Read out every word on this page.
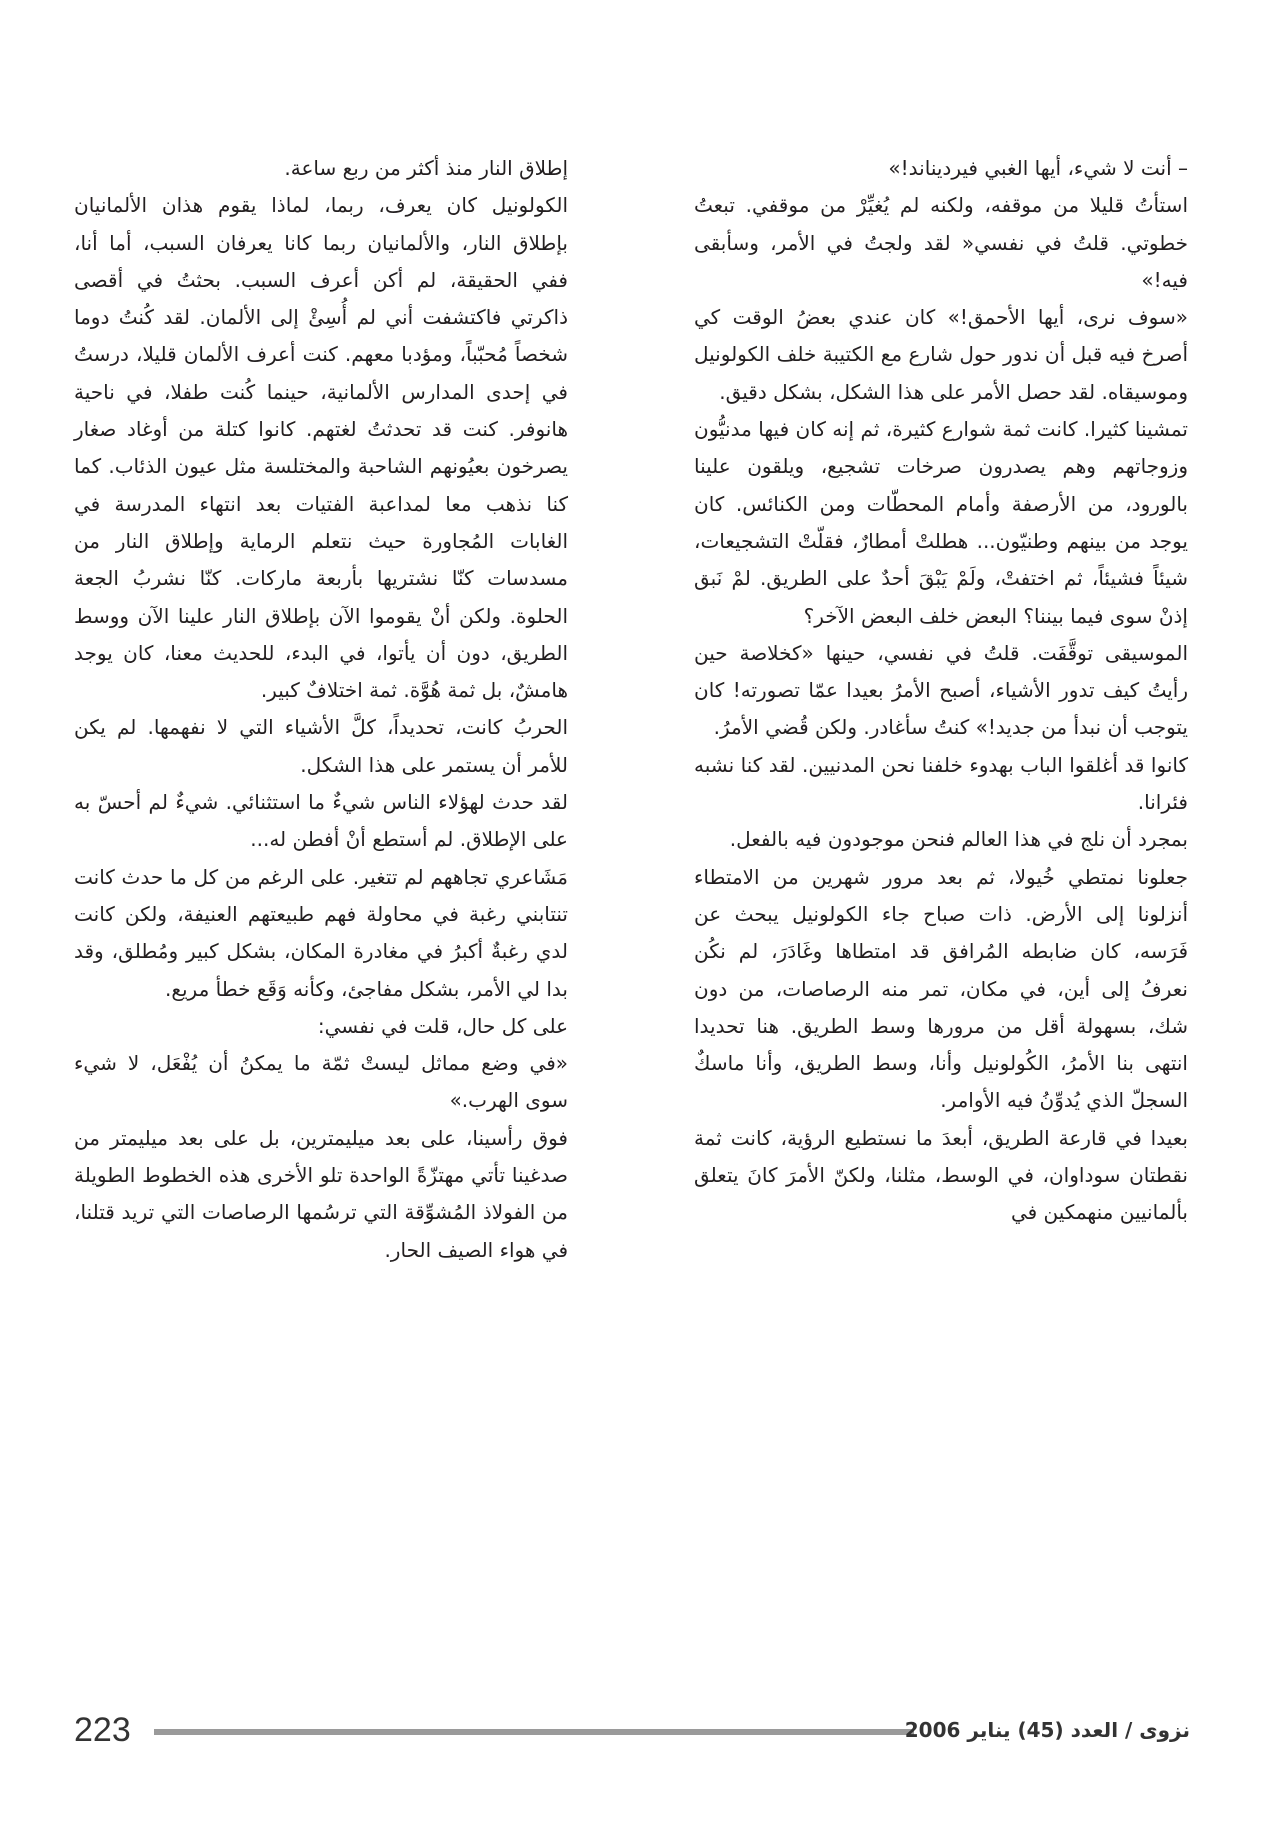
– أنت لا شيء، أيها الغبي فيرديناند!»

استأتُ قليلا من موقفه، ولكنه لم يُغيِّرْ من موقفي. تبعتُ خطوتي. قلتُ في نفسي« لقد ولجتُ في الأمر، وسأبقى فيه!»

«سوف نرى، أيها الأحمق!» كان عندي بعضُ الوقت كي أصرخ فيه قبل أن ندور حول شارع مع الكتيبة خلف الكولونيل وموسيقاه. لقد حصل الأمر على هذا الشكل، بشكل دقيق.

تمشينا كثيرا. كانت ثمة شوارع كثيرة، ثم إنه كان فيها مدنيُّون وزوجاتهم وهم يصدرون صرخات تشجيع، ويلقون علينا بالورود، من الأرصفة وأمام المحطّات ومن الكنائس. كان يوجد من بينهم وطنيّون... هطلتْ أمطارٌ، فقلّتْ التشجيعات، شيئاً فشيئاً، ثم اختفتْ، ولَمْ يَبْقَ أحدٌ على الطريق. لمْ نَبق إذنْ سوى فيما بيننا؟ البعض خلف البعض الآخر؟

الموسيقى توقَّفَت. قلتُ في نفسي، حينها «كخلاصة حين رأيتُ كيف تدور الأشياء، أصبح الأمرُ بعيدا عمّا تصورته! كان يتوجب أن نبدأ من جديد!» كنتُ سأغادر. ولكن قُضي الأمرُ.

كانوا قد أغلقوا الباب بهدوء خلفنا نحن المدنيين. لقد كنا نشبه فئرانا.

بمجرد أن نلج في هذا العالم فنحن موجودون فيه بالفعل.

جعلونا نمتطي خُيولا، ثم بعد مرور شهرين من الامتطاء أنزلونا إلى الأرض. ذات صباح جاء الكولونيل يبحث عن فَرَسه، كان ضابطه المُرافق قد امتطاها وغَادَرَ، لم نكُن نعرفُ إلى أين، في مكان، تمر منه الرصاصات، من دون شك، بسهولة أقل من مرورها وسط الطريق. هنا تحديدا انتهى بنا الأمرُ، الكُولونيل وأنا، وسط الطريق، وأنا ماسكٌ السجلّ الذي يُدوِّنُ فيه الأوامر.

بعيدا في قارعة الطريق، أبعدَ ما نستطيع الرؤية، كانت ثمة نقطتان سوداوان، في الوسط، مثلنا، ولكنّ الأمرَ كانَ يتعلق بألمانيين منهمكين في

إطلاق النار منذ أكثر من ربع ساعة.

الكولونيل كان يعرف، ربما، لماذا يقوم هذان الألمانيان بإطلاق النار، والألمانيان ربما كانا يعرفان السبب، أما أنا، ففي الحقيقة، لم أكن أعرف السبب. بحثتُ في أقصى ذاكرتي فاكتشفت أني لم أُسِئْ إلى الألمان. لقد كُنتُ دوما شخصاً مُحبّباً، ومؤدبا معهم. كنت أعرف الألمان قليلا، درستُ في إحدى المدارس الألمانية، حينما كُنت طفلا، في ناحية هانوفر. كنت قد تحدثتُ لغتهم. كانوا كتلة من أوغاد صغار يصرخون بعيُونهم الشاحبة والمختلسة مثل عيون الذئاب. كما كنا نذهب معا لمداعبة الفتيات بعد انتهاء المدرسة في الغابات المُجاورة حيث نتعلم الرماية وإطلاق النار من مسدسات كنّا نشتريها بأربعة ماركات. كنّا نشربُ الجعة الحلوة. ولكن أنْ يقوموا الآن بإطلاق النار علينا الآن ووسط الطريق، دون أن يأتوا، في البدء، للحديث معنا، كان يوجد هامشٌ، بل ثمة هُوَّة. ثمة اختلافٌ كبير.

الحربُ كانت، تحديداً، كلَّ الأشياء التي لا نفهمها. لم يكن للأمر أن يستمر على هذا الشكل.

لقد حدث لهؤلاء الناس شيءٌ ما استثنائي. شيءٌ لم أحسّ به على الإطلاق. لم أستطع أنْ أفطن له...

مَشَاعري تجاههم لم تتغير. على الرغم من كل ما حدث كانت تنتابني رغبة في محاولة فهم طبيعتهم العنيفة، ولكن كانت لدي رغبةٌ أكبرُ في مغادرة المكان، بشكل كبير ومُطلق، وقد بدا لي الأمر، بشكل مفاجئ، وكأنه وَقَع خطأ مريع.

على كل حال، قلت في نفسي:

«في وضع مماثل ليستْ ثمّة ما يمكنُ أن يُفْعَل، لا شيء سوى الهرب.»

فوق رأسينا، على بعد ميليمترين، بل على بعد ميليمتر من صدغينا تأتي مهتزّةً الواحدة تلو الأخرى هذه الخطوط الطويلة من الفولاذ المُشوِّقة التي ترسُمها الرصاصات التي تريد قتلنا، في هواء الصيف الحار.

223	نزوى / العدد (45) يناير 2006
